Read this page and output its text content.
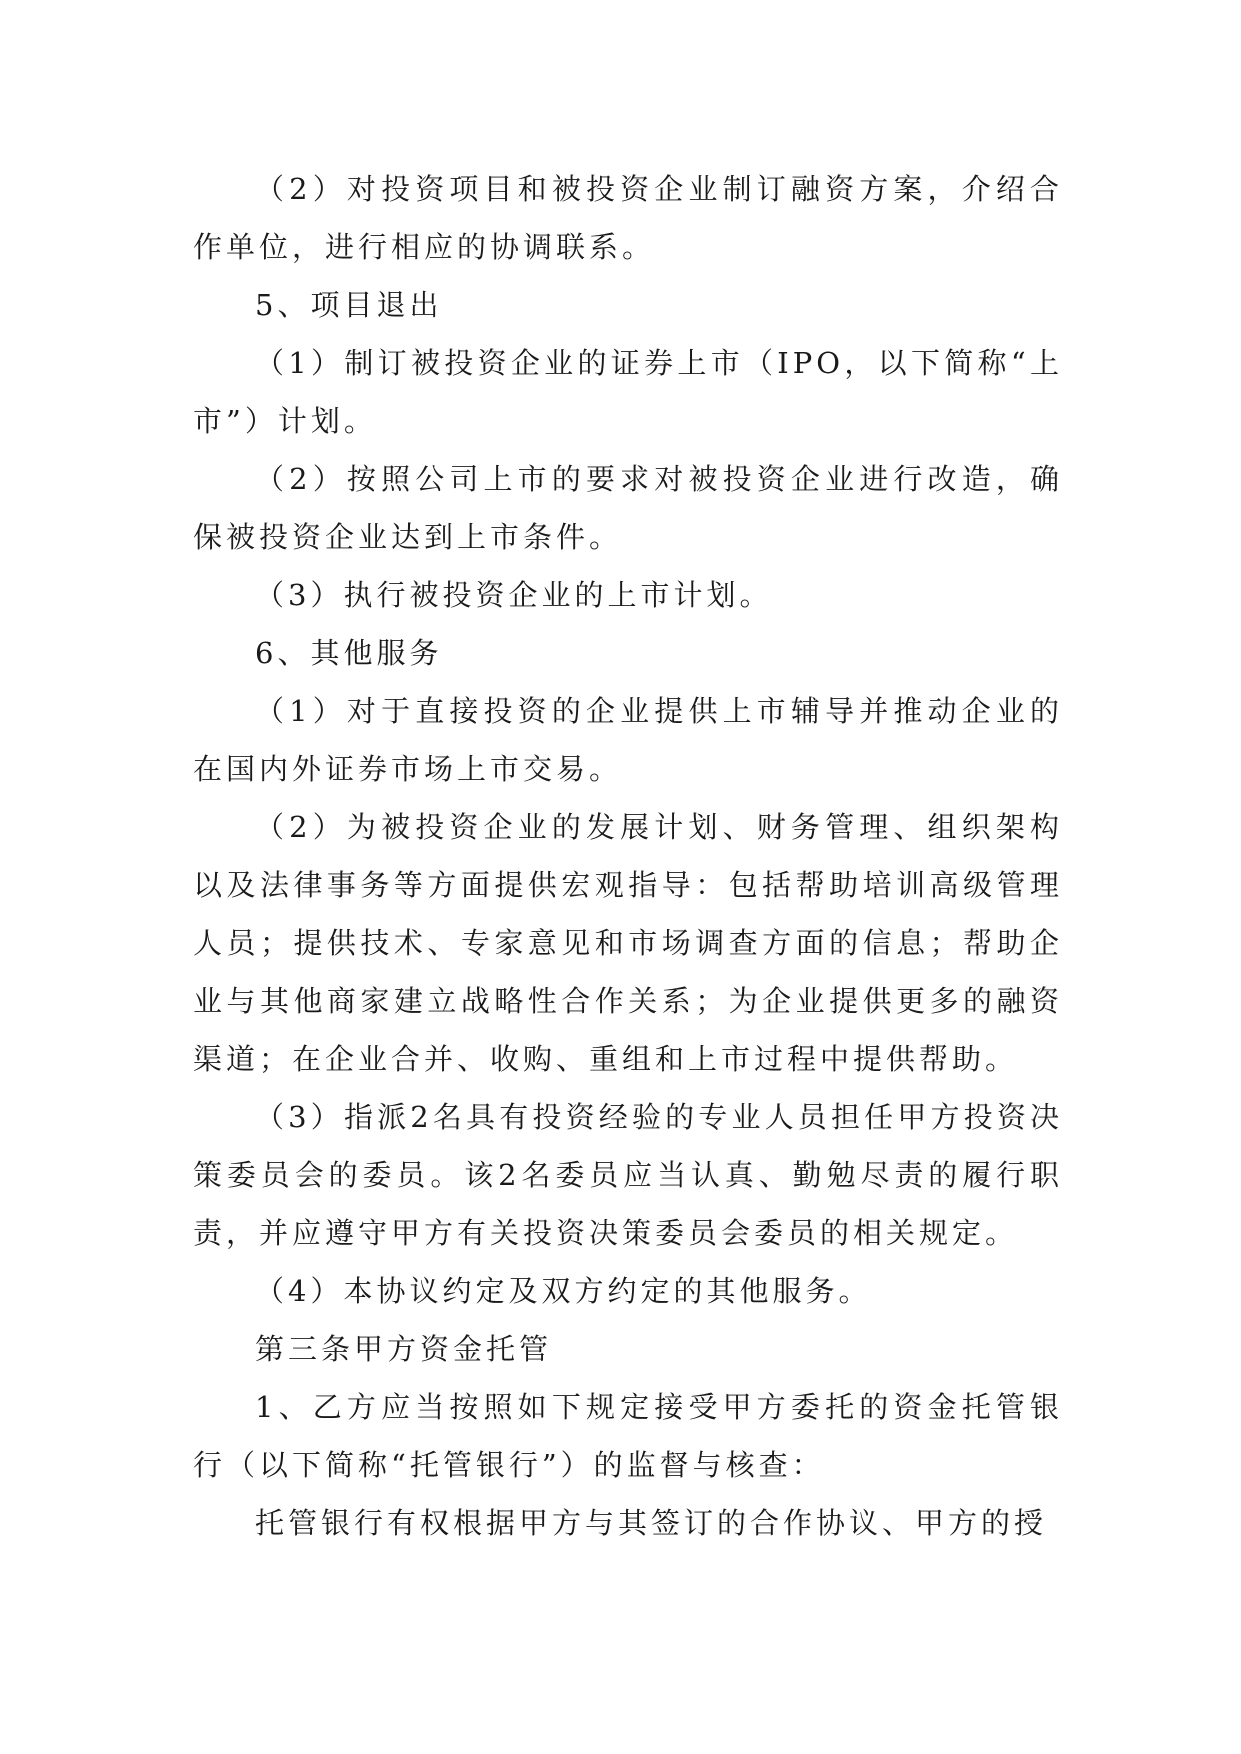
（2）对投资项目和被投资企业制订融资方案，介绍合作单位，进行相应的协调联系。

5、项目退出

（1）制订被投资企业的证券上市（IPO，以下简称“上市”）计划。

（2）按照公司上市的要求对被投资企业进行改造，确保被投资企业达到上市条件。

（3）执行被投资企业的上市计划。

6、其他服务

（1）对于直接投资的企业提供上市辅导并推动企业的在国内外证券市场上市交易。

（2）为被投资企业的发展计划、财务管理、组织架构以及法律事务等方面提供宏观指导：包括帮助培训高级管理人员；提供技术、专家意见和市场调查方面的信息；帮助企业与其他商家建立战略性合作关系；为企业提供更多的融资渠道；在企业合并、收购、重组和上市过程中提供帮助。

（3）指派2名具有投资经验的专业人员担任甲方投资决策委员会的委员。该2名委员应当认真、勤勉尽责的履行职责，并应遵守甲方有关投资决策委员会委员的相关规定。

（4）本协议约定及双方约定的其他服务。

第三条甲方资金托管

1、乙方应当按照如下规定接受甲方委托的资金托管银行（以下简称“托管银行”）的监督与核查：

托管银行有权根据甲方与其签订的合作协议、甲方的授
